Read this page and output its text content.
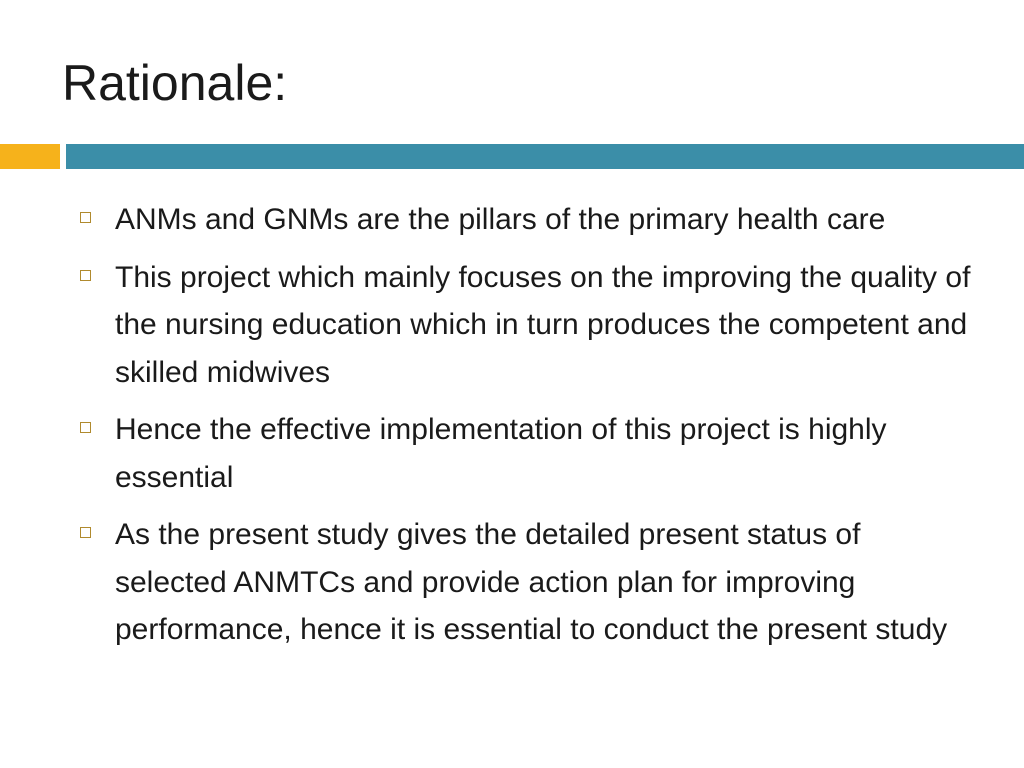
Rationale:
ANMs and GNMs are the pillars of the primary health care
This project which mainly focuses on the improving the quality of the nursing education which in turn produces the competent and skilled midwives
Hence the effective implementation of this project is highly essential
As the present study gives the detailed present status of selected ANMTCs and provide action plan for improving performance, hence it is essential to conduct the present study
